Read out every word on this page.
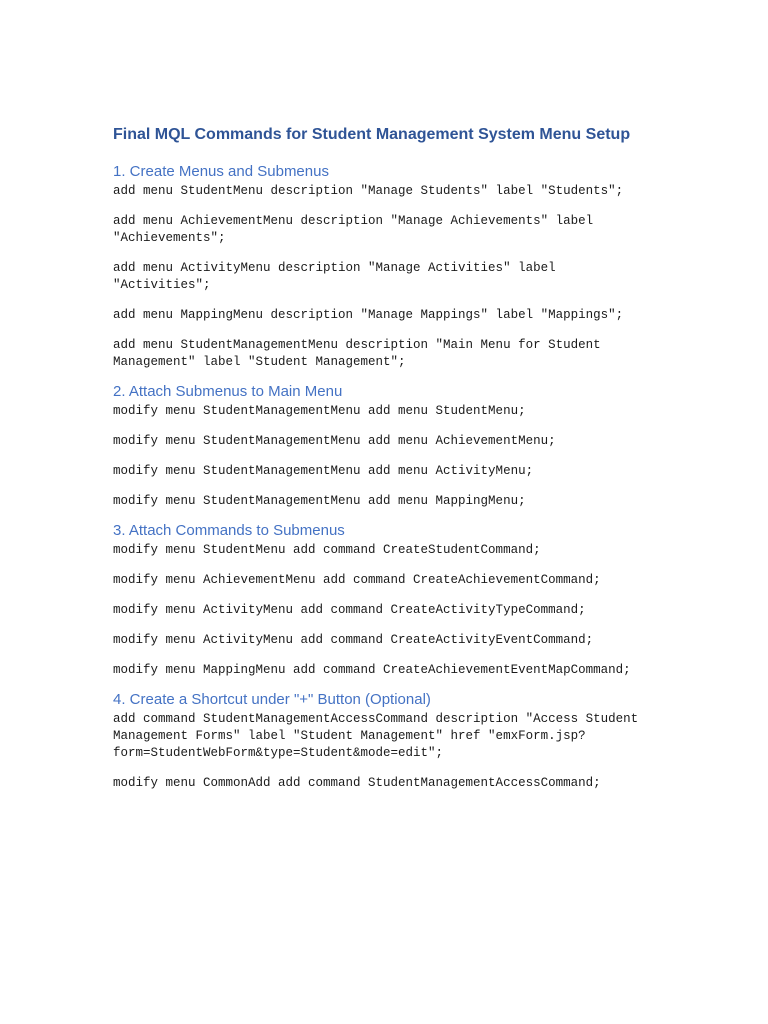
Final MQL Commands for Student Management System Menu Setup
1. Create Menus and Submenus

add menu StudentMenu description "Manage Students" label "Students";

add menu AchievementMenu description "Manage Achievements" label "Achievements";

add menu ActivityMenu description "Manage Activities" label "Activities";

add menu MappingMenu description "Manage Mappings" label "Mappings";

add menu StudentManagementMenu description "Main Menu for Student Management" label "Student Management";

2. Attach Submenus to Main Menu

modify menu StudentManagementMenu add menu StudentMenu;

modify menu StudentManagementMenu add menu AchievementMenu;

modify menu StudentManagementMenu add menu ActivityMenu;

modify menu StudentManagementMenu add menu MappingMenu;

3. Attach Commands to Submenus

modify menu StudentMenu add command CreateStudentCommand;

modify menu AchievementMenu add command CreateAchievementCommand;

modify menu ActivityMenu add command CreateActivityTypeCommand;

modify menu ActivityMenu add command CreateActivityEventCommand;

modify menu MappingMenu add command CreateAchievementEventMapCommand;

4. Create a Shortcut under "+" Button (Optional)

add command StudentManagementAccessCommand description "Access Student Management Forms" label "Student Management" href "emxForm.jsp?form=StudentWebForm&type=Student&mode=edit";

modify menu CommonAdd add command StudentManagementAccessCommand;
